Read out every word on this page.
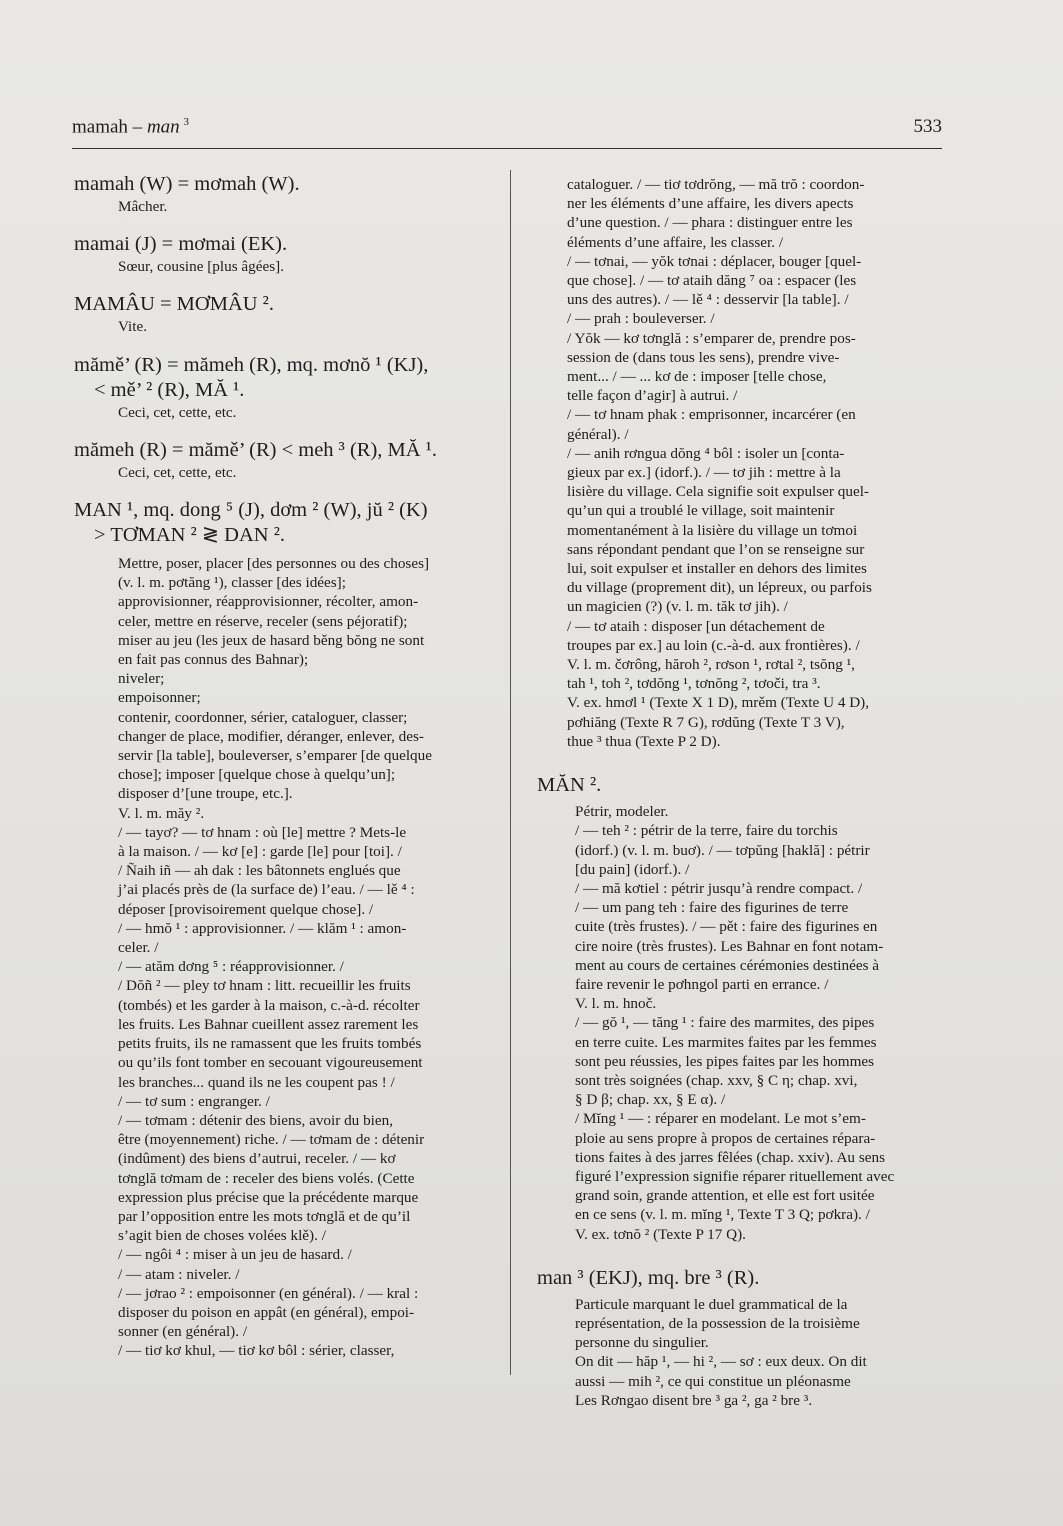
mamah – man  $^3$	533
mamah (W) = mơmah (W).
Mâcher.
mamai (J) = mơmai (EK).
Sœur, cousine [plus âgées].
MAMÂU = MƠMÂU ².
Vite.
mămě’ (R) = mămeh (R), mq. mơnŏ ¹ (KJ),
< mě’ ² (R), MĂ ¹.
Ceci, cet, cette, etc.
mămeh (R) = mămě’ (R) < meh ³ (R), MĂ ¹.
Ceci, cet, cette, etc.
MAN ¹, mq. dong ⁵ (J), dơm ² (W), jŭ ² (K)
> TƠMAN ² ≷ DAN ².
Mettre, poser, placer [des personnes ou des choses]
(v. l. m. pơtăng ¹), classer [des idées];
approvisionner, réapprovisionner, récolter, amon-
celer, mettre en réserve, receler (sens péjoratif);
miser au jeu (les jeux de hasard běng bŏng ne sont
en fait pas connus des Bahnar);
niveler;
empoisonner;
contenir, coordonner, sérier, cataloguer, classer;
changer de place, modifier, déranger, enlever, des-
servir [la table], bouleverser, s’emparer [de quelque
chose]; imposer [quelque chose à quelqu’un];
disposer d’[une troupe, etc.].
V. l. m. măy ².
/ — tayơ? — tơ hnam : où [le] mettre ? Mets-le
à la maison. / — kơ [e] : garde [le] pour [toi]. /
/ Ñaih iñ — ah dak : les bâtonnets englués que
j’ai placés près de (la surface de) l’eau. / — lě ⁴ :
déposer [provisoirement quelque chose]. /
/ — hmŏ ¹ : approvisionner. / — klăm ¹ : amon-
celer. /
/ — atăm dơng ⁵ : réapprovisionner. /
/ Dŏñ ² — pley tơ hnam : litt. recueillir les fruits
(tombés) et les garder à la maison, c.-à-d. récolter
les fruits. Les Bahnar cueillent assez rarement les
petits fruits, ils ne ramassent que les fruits tombés
ou qu’ils font tomber en secouant vigoureusement
les branches... quand ils ne les coupent pas ! /
/ — tơ sum : engranger. /
/ — tơmam : détenir des biens, avoir du bien,
être (moyennement) riche. / — tơmam de : détenir
(indûment) des biens d’autrui, receler. / — kơ
tơnglă tơmam de : receler des biens volés. (Cette
expression plus précise que la précédente marque
par l’opposition entre les mots tơnglă et de qu’il
s’agit bien de choses volées klě). /
/ — ngôi ⁴ : miser à un jeu de hasard. /
/ — atam : niveler. /
/ — jơrao ² : empoisonner (en général). / — kral :
disposer du poison en appât (en général), empoi-
sonner (en général). /
/ — tiơ kơ khul, — tiơ kơ bôl : sérier, classer,
cataloguer. / — tiơ tơdrŏng, — mă trŏ : coordon-
ner les éléments d’une affaire, les divers apects
d’une question. / — phara : distinguer entre les
éléments d’une affaire, les classer. /
/ — tơnai, — yŏk tơnai : déplacer, bouger [quel-
que chose]. / — tơ ataih dăng ⁷ oa : espacer (les
uns des autres). / — lě ⁴ : desservir [la table]. /
/ — prah : bouleverser. /
/ Yŏk — kơ tơnglă : s’emparer de, prendre pos-
session de (dans tous les sens), prendre vive-
ment... / — ... kơ de : imposer [telle chose,
telle façon d’agir] à autrui. /
/ — tơ hnam phak : emprisonner, incarcérer (en
général). /
/ — anih rơngua dŏng ⁴ bôl : isoler un [conta-
gieux par ex.] (idorf.). / — tơ jih : mettre à la
lisière du village. Cela signifie soit expulser quel-
qu’un qui a troublé le village, soit maintenir
momentanément à la lisière du village un tơmoi
sans répondant pendant que l’on se renseigne sur
lui, soit expulser et installer en dehors des limites
du village (proprement dit), un lépreux, ou parfois
un magicien (?) (v. l. m. tăk tơ jih). /
/ — tơ ataih : disposer [un détachement de
troupes par ex.] au loin (c.-à-d. aux frontières). /
V. l. m. čơrông, hăroh ², rơson ¹, rơtal ², tsŏng ¹,
tah ¹, toh ², tơdŏng ¹, tơnŏng ², tơoči, tra ³.
V. ex. hmơl ¹ (Texte X 1 D), mrěm (Texte U 4 D),
pơhiăng (Texte R 7 G), rơdŭng (Texte T 3 V),
thue ³ thua (Texte P 2 D).
MĂN ².
Pétrir, modeler.
/ — teh ² : pétrir de la terre, faire du torchis
(idorf.) (v. l. m. buơ). / — tơpŭng [haklă] : pétrir
[du pain] (idorf.). /
/ — mă kơtiel : pétrir jusqu’à rendre compact. /
/ — um pang teh : faire des figurines de terre
cuite (très frustes). / — pět : faire des figurines en
cire noire (très frustes). Les Bahnar en font notam-
ment au cours de certaines cérémonies destinées à
faire revenir le pơhngol parti en errance. /
V. l. m. hnoč.
/ — gŏ ¹, — tăng ¹ : faire des marmites, des pipes
en terre cuite. Les marmites faites par les femmes
sont peu réussies, les pipes faites par les hommes
sont très soignées (chap. xxv, § C η; chap. xvi,
§ D β; chap. xx, § E α). /
/ Mĭng ¹ — : réparer en modelant. Le mot s’em-
ploie au sens propre à propos de certaines répara-
tions faites à des jarres fêlées (chap. xxiv). Au sens
figuré l’expression signifie réparer rituellement avec
grand soin, grande attention, et elle est fort usitée
en ce sens (v. l. m. mĭng ¹, Texte T 3 Q; pơkra). /
V. ex. tơnŏ ² (Texte P 17 Q).
man ³ (EKJ), mq. bre ³ (R).
Particule marquant le duel grammatical de la
représentation, de la possession de la troisième
personne du singulier.
On dit — hăp ¹, — hi ², — sơ : eux deux. On dit
aussi — mih ², ce qui constitue un pléonasme
Les Rơngao disent bre ³ ga ², ga ² bre ³.
